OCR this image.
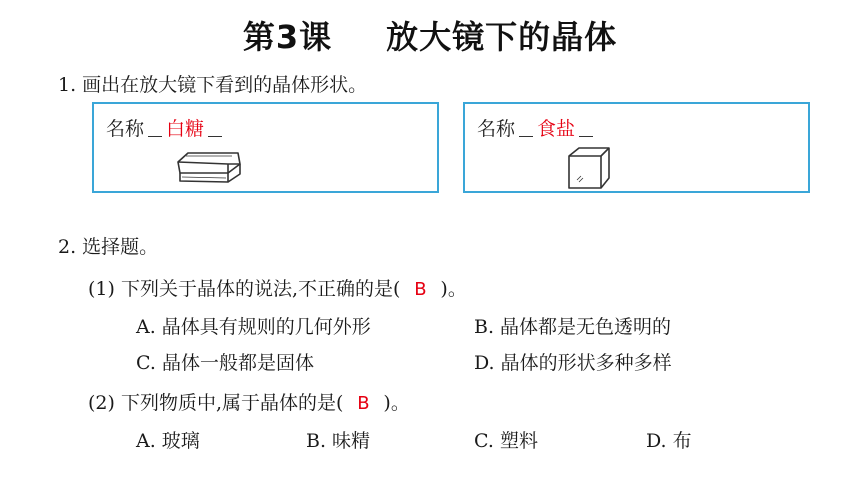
第3课 放大镜下的晶体
1. 画出在放大镜下看到的晶体形状。
名称 白糖	名称 食盐
2. 选择题。
(1) 下列关于晶体的说法,不正确的是( B )。
A. 晶体具有规则的几何外形	B. 晶体都是无色透明的
C. 晶体一般都是固体	D. 晶体的形状多种多样
(2) 下列物质中,属于晶体的是( B )。
A. 玻璃	B. 味精	C. 塑料	D. 布
